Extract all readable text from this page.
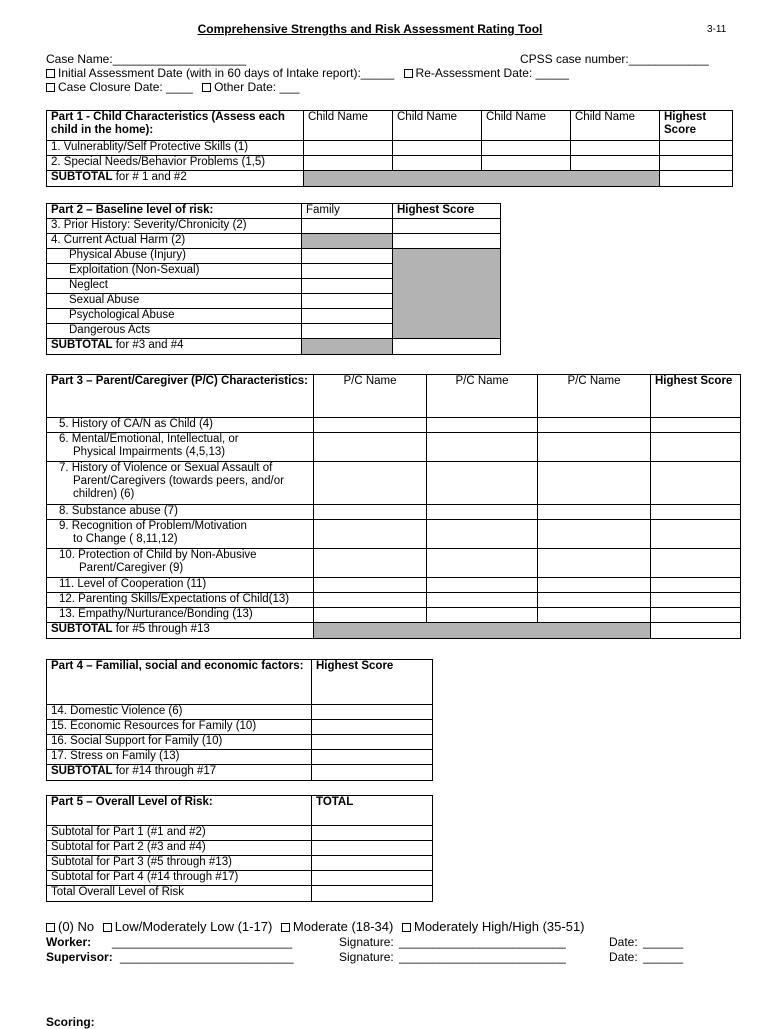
Comprehensive Strengths and Risk Assessment Rating Tool	3-11
Case Name:____________________	CPSS case number:____________
Initial Assessment Date (with in 60 days of Intake report):_____ Re-Assessment Date: _____
Case Closure Date: ____ Other Date: ___
Part 1 - Child Characteristics (Assess each child in the home):	Child Name	Child Name	Child Name	Child Name	Highest Score
1. Vulnerablity/Self Protective Skills (1)					
2. Special Needs/Behavior Problems (1,5)					
SUBTOTAL for # 1 and #2					
Part 2 – Baseline level of risk:	Family	Highest Score
3. Prior History: Severity/Chronicity (2)		
4. Current Actual Harm (2)		
Physical Abuse (Injury)		
Exploitation (Non-Sexual)		
Neglect		
Sexual Abuse		
Psychological Abuse		
Dangerous Acts		
SUBTOTAL for #3 and #4		
Part 3 – Parent/Caregiver (P/C) Characteristics:	P/C Name	P/C Name	P/C Name	Highest Score
5. History of CA/N as Child (4)				

6. Mental/Emotional, Intellectual, or
Physical Impairments (4,5,13)				

7. History of Violence or Sexual Assault of
Parent/Caregivers (towards peers, and/or
children) (6)				

8. Substance abuse (7)				

9. Recognition of Problem/Motivation
to Change ( 8,11,12)				

10. Protection of Child by Non-Abusive
Parent/Caregiver (9)				

11. Level of Cooperation (11)				
12. Parenting Skills/Expectations of Child(13)				
13. Empathy/Nurturance/Bonding (13)				
SUBTOTAL for #5 through #13				
Part 4 – Familial, social and economic factors:	Highest Score
14. Domestic Violence (6)	
15. Economic Resources for Family (10)	
16. Social Support for Family (10)	
17. Stress on Family (13)	
SUBTOTAL for #14 through #17	
Part 5 – Overall Level of Risk:	TOTAL
Subtotal for Part 1 (#1 and #2)	
Subtotal for Part 2 (#3 and #4)	
Subtotal for Part 3 (#5 through #13)	
Subtotal for Part 4 (#14 through #17)	
Total Overall Level of Risk	
(0) No Low/Moderately Low (1-17) Moderate (18-34) Moderately High/High (35-51)
Worker: ___________________________	Signature: _________________________	Date: ______
Supervisor: __________________________	Signature: _________________________	Date: ______
Scoring:
